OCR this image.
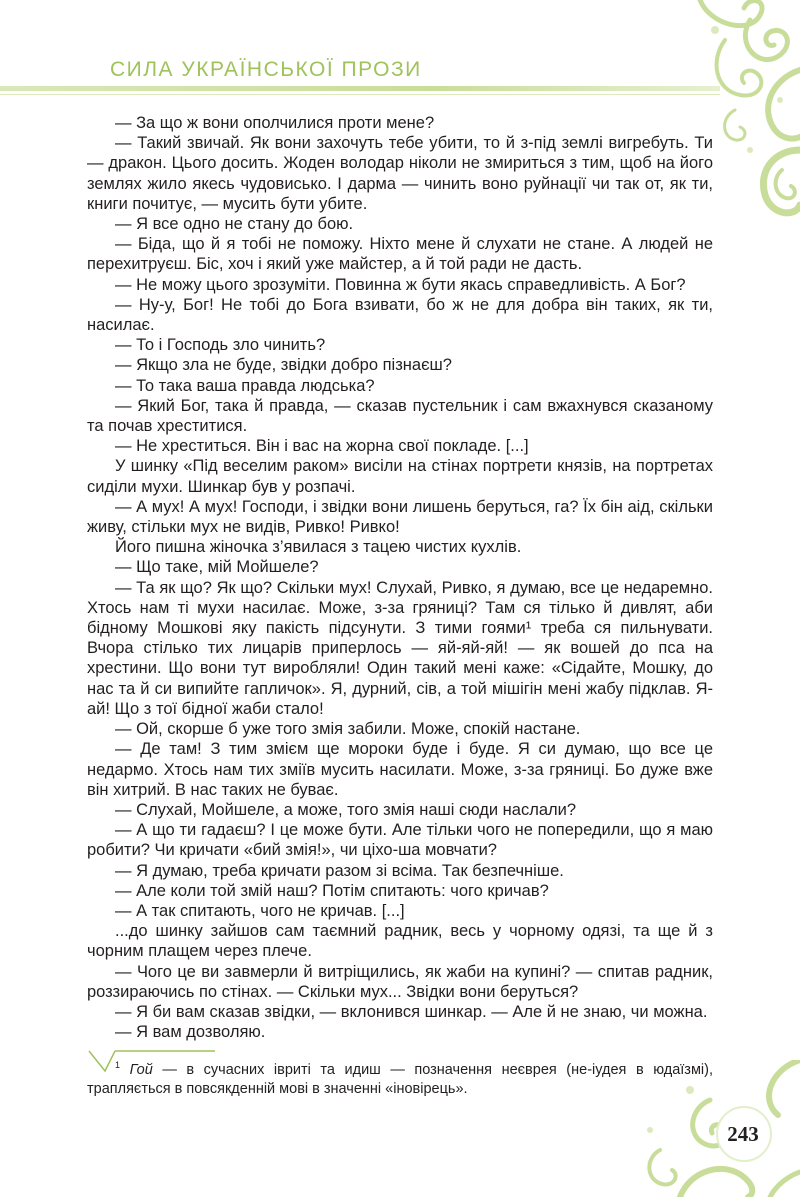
СИЛА УКРАЇНСЬКОЇ ПРОЗИ

— За що ж вони ополчилися проти мене?

— Такий звичай. Як вони захочуть тебе убити, то й з-під землі вигребуть. Ти — дракон. Цього досить. Жоден володар ніколи не змириться з тим, щоб на його землях жило якесь чудовисько. І дарма — чинить воно руйнації чи так от, як ти, книги почитує, — мусить бути убите.

— Я все одно не стану до бою.

— Біда, що й я тобі не поможу. Ніхто мене й слухати не стане. А людей не перехитруєш. Біс, хоч і який уже майстер, а й той ради не дасть.

— Не можу цього зрозуміти. Повинна ж бути якась справедливість. А Бог?

— Ну-у, Бог! Не тобі до Бога взивати, бо ж не для добра він таких, як ти, насилає.

— То і Господь зло чинить?

— Якщо зла не буде, звідки добро пізнаєш?

— То така ваша правда людська?

— Який Бог, така й правда, — сказав пустельник і сам вжахнувся сказаному та почав хреститися.

— Не хреститься. Він і вас на жорна свої покладе. [...]

У шинку «Під веселим раком» висіли на стінах портрети князів, на портретах сиділи мухи. Шинкар був у розпачі.

— А мух! А мух! Господи, і звідки вони лишень беруться, га? Їх бін аід, скільки живу, стільки мух не видів, Ривко! Ривко!

Його пишна жіночка з’явилася з тацею чистих кухлів.

— Що таке, мій Мойшеле?

— Та як що? Як що? Скільки мух! Слухай, Ривко, я думаю, все це недаремно. Хтось нам ті мухи насилає. Може, з-за гряниці? Там ся тілько й дивлят, аби бідному Мошкові яку пакість підсунути. З тими гоями¹ треба ся пильнувати. Вчора стілько тих лицарів приперлось — яй-яй-яй! — як вошей до пса на хрестини. Що вони тут виробляли! Один такий мені каже: «Сідайте, Мошку, до нас та й си випийте гапличок». Я, дурний, сів, а той мішігін мені жабу підклав. Я-ай! Що з тої бідної жаби стало!

— Ой, скорше б уже того змія забили. Може, спокій настане.

— Де там! З тим змієм ще мороки буде і буде. Я си думаю, що все це недармо. Хтось нам тих зміїв мусить насилати. Може, з-за гряниці. Бо дуже вже він хитрий. В нас таких не буває.

— Слухай, Мойшеле, а може, того змія наші сюди наслали?

— А що ти гадаєш? І це може бути. Але тільки чого не попередили, що я маю робити? Чи кричати «бий змія!», чи ціхо-ша мовчати?

— Я думаю, треба кричати разом зі всіма. Так безпечніше.

— Але коли той змій наш? Потім спитають: чого кричав?

— А так спитають, чого не кричав. [...]

...до шинку зайшов сам таємний радник, весь у чорному одязі, та ще й з чорним плащем через плече.

— Чого це ви завмерли й витріщились, як жаби на купині? — спитав радник, роззираючись по стінах. — Скільки мух... Звідки вони беруться?

— Я би вам сказав звідки, — вклонився шинкар. — Але й не знаю, чи можна.

— Я вам дозволяю.

$^1$ Гой — в сучасних івриті та идиш — позначення неєврея (не-іудея в юдаїзмі), трапляється в повсякденній мові в значенні «іновірець».

243
